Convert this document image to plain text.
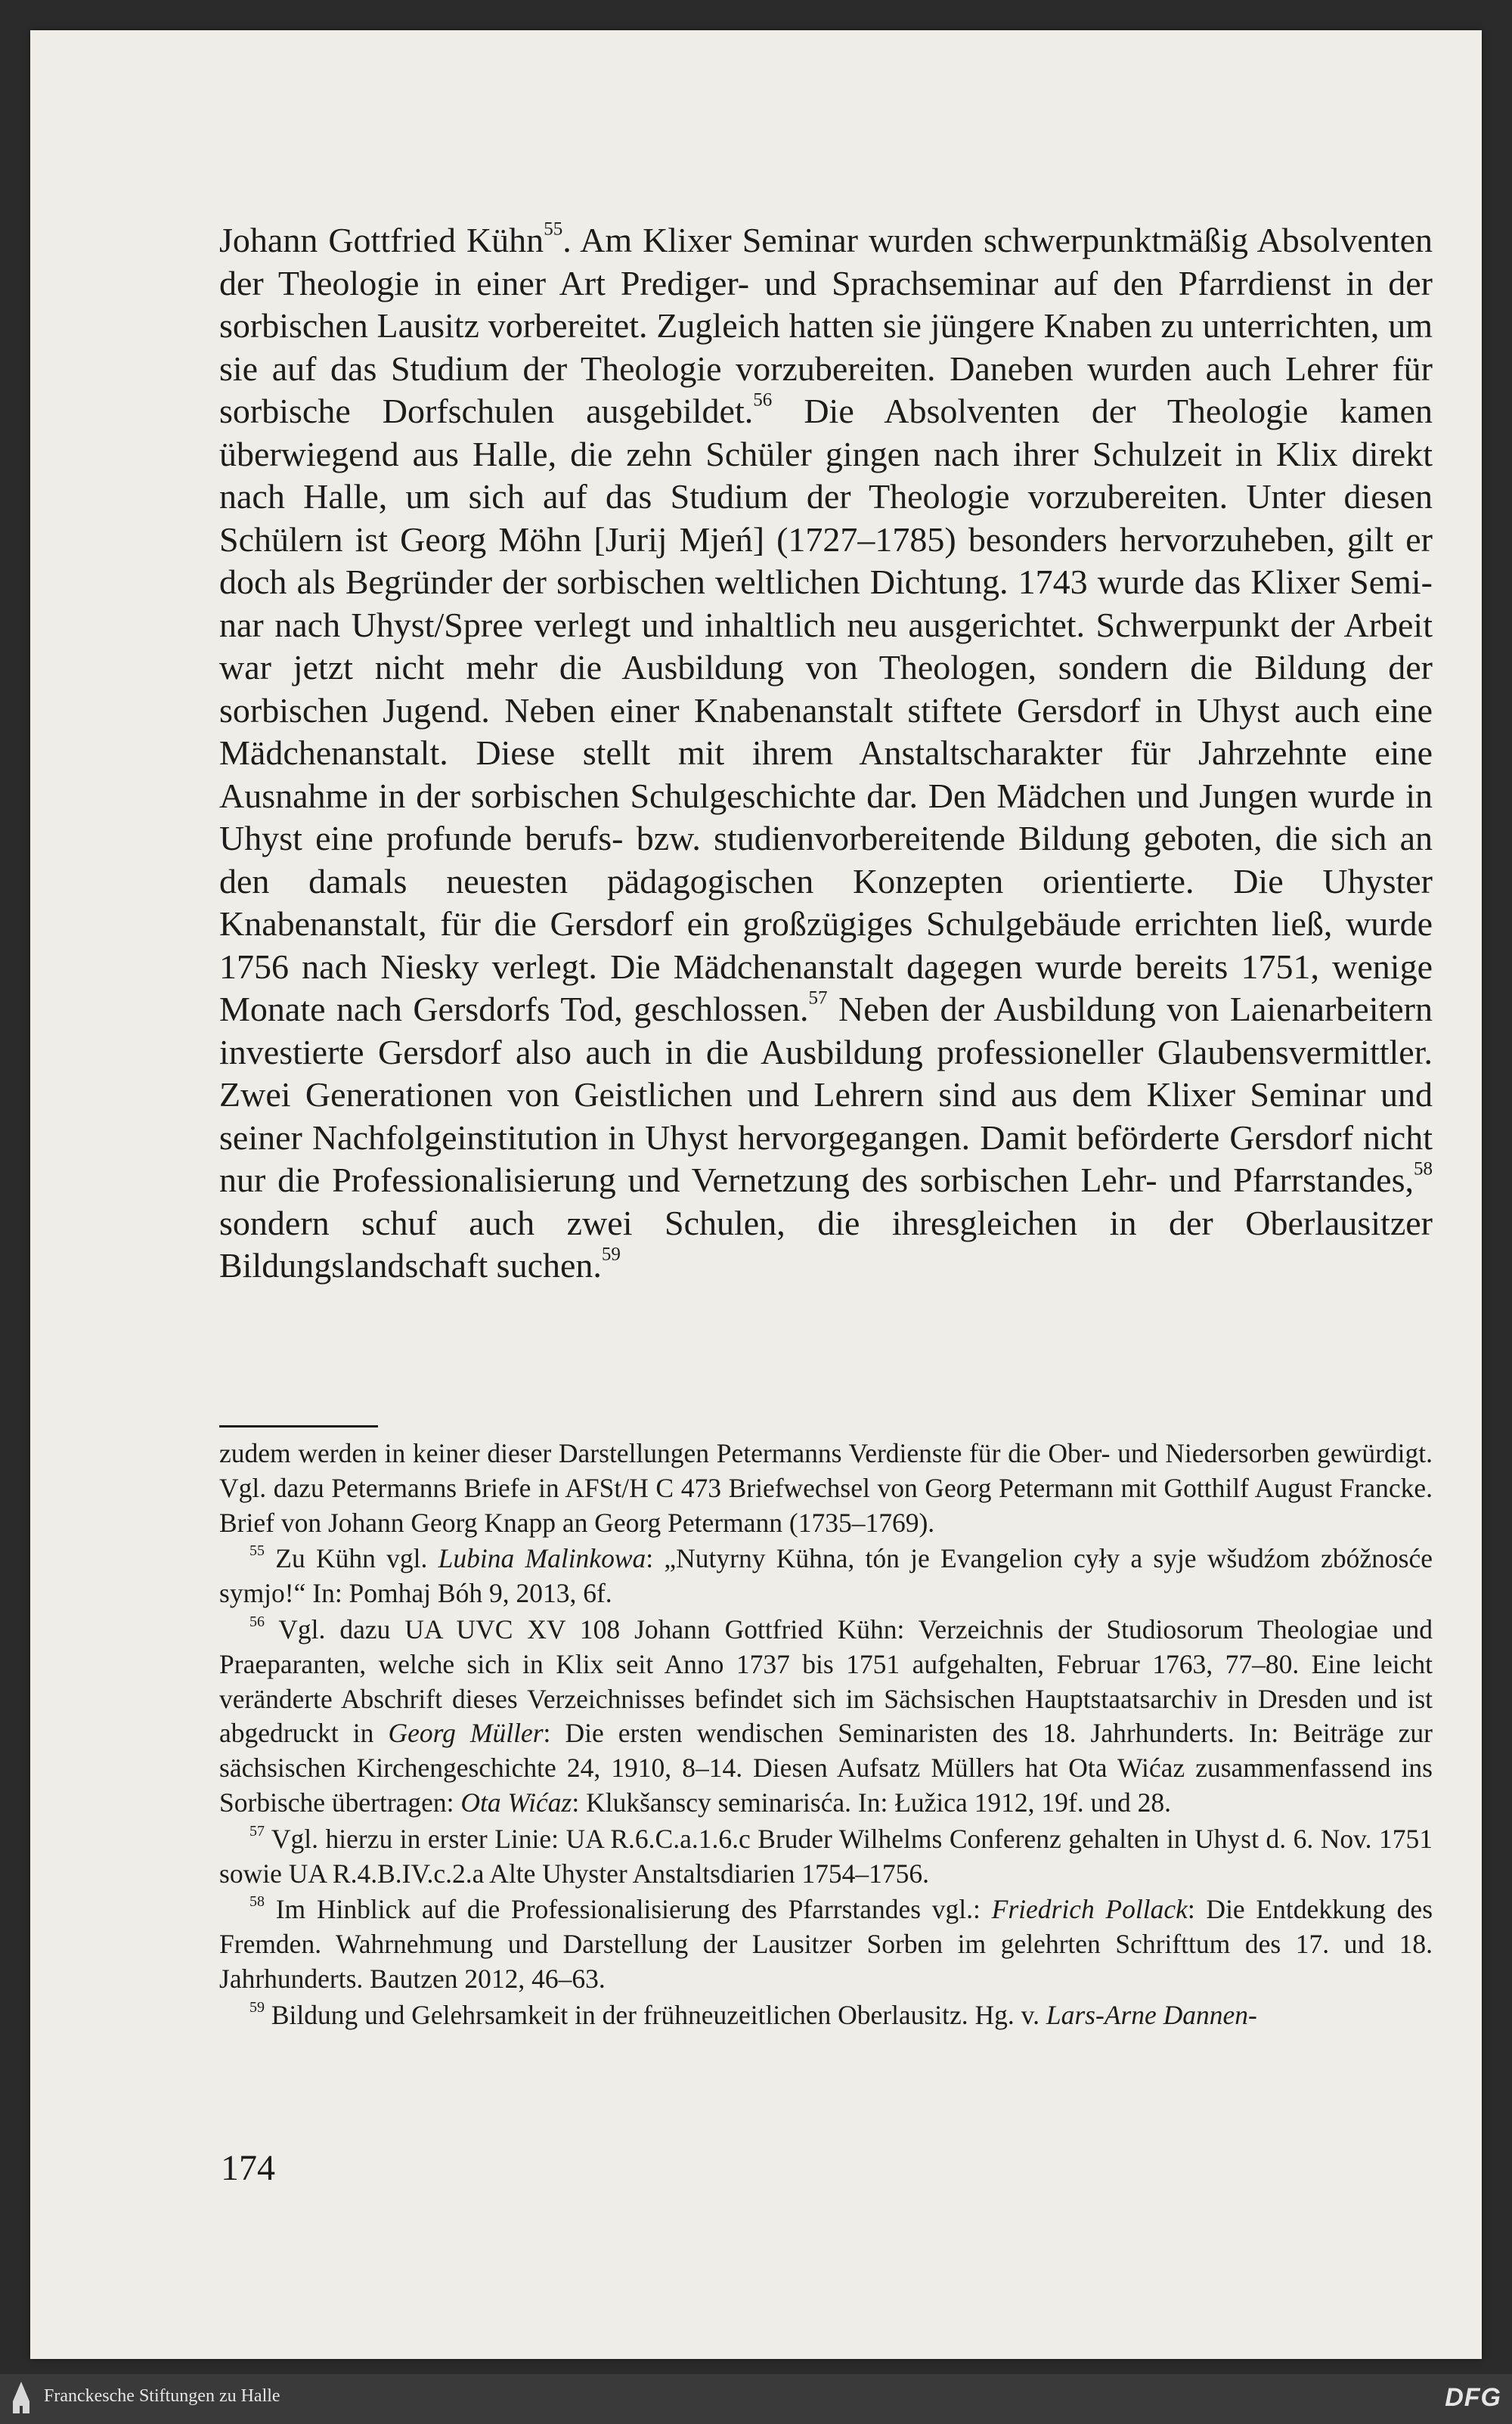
Johann Gottfried Kühn$^{55}$. Am Klixer Seminar wurden schwerpunktmäßig Absolventen der Theologie in einer Art Prediger- und Sprachseminar auf den Pfarrdienst in der sorbischen Lausitz vorbereitet. Zugleich hatten sie jüngere Knaben zu unterrichten, um sie auf das Studium der Theologie vorzubereiten. Daneben wurden auch Lehrer für sorbische Dorfschulen ausgebildet.$^{56}$ Die Absolventen der Theologie kamen überwiegend aus Halle, die zehn Schüler gingen nach ihrer Schulzeit in Klix direkt nach Halle, um sich auf das Studium der Theologie vorzubereiten. Unter diesen Schülern ist Georg Möhn [Jurij Mjeń] (1727–1785) besonders hervorzuheben, gilt er doch als Begründer der sorbischen weltlichen Dichtung. 1743 wurde das Klixer Seminar nach Uhyst/Spree verlegt und inhaltlich neu ausgerichtet. Schwerpunkt der Arbeit war jetzt nicht mehr die Ausbildung von Theologen, sondern die Bildung der sorbischen Jugend. Neben einer Knabenanstalt stiftete Gersdorf in Uhyst auch eine Mädchenanstalt. Diese stellt mit ihrem Anstaltscharakter für Jahrzehnte eine Ausnahme in der sorbischen Schulgeschichte dar. Den Mädchen und Jungen wurde in Uhyst eine profunde berufs- bzw. studienvorbereitende Bildung geboten, die sich an den damals neuesten pädagogischen Konzepten orientierte. Die Uhyster Knabenanstalt, für die Gersdorf ein großzügiges Schulgebäude errichten ließ, wurde 1756 nach Niesky verlegt. Die Mädchenanstalt dagegen wurde bereits 1751, wenige Monate nach Gersdorfs Tod, geschlossen.$^{57}$ Neben der Ausbildung von Laienarbeitern investierte Gersdorf also auch in die Ausbildung professioneller Glaubensvermittler. Zwei Generationen von Geistlichen und Lehrern sind aus dem Klixer Seminar und seiner Nachfolgeinstitution in Uhyst hervorgegangen. Damit beförderte Gersdorf nicht nur die Professionalisierung und Vernetzung des sorbischen Lehr- und Pfarrstandes,$^{58}$ sondern schuf auch zwei Schulen, die ihresgleichen in der Oberlausitzer Bildungslandschaft suchen.$^{59}$

zudem werden in keiner dieser Darstellungen Petermanns Verdienste für die Ober- und Niedersorben gewürdigt. Vgl. dazu Petermanns Briefe in AFSt/H C 473 Briefwechsel von Georg Petermann mit Gotthilf August Francke. Brief von Johann Georg Knapp an Georg Petermann (1735–1769).

$^{55}$ Zu Kühn vgl. Lubina Malinkowa: „Nutyrny Kühna, tón je Evangelion cyły a syje wšudźom zbóžnosće symjo!“ In: Pomhaj Bóh 9, 2013, 6f.

$^{56}$ Vgl. dazu UA UVC XV 108 Johann Gottfried Kühn: Verzeichnis der Studiosorum Theologiae und Praeparanten, welche sich in Klix seit Anno 1737 bis 1751 aufgehalten, Februar 1763, 77–80. Eine leicht veränderte Abschrift dieses Verzeichnisses befindet sich im Sächsischen Hauptstaatsarchiv in Dresden und ist abgedruckt in Georg Müller: Die ersten wendischen Seminaristen des 18. Jahrhunderts. In: Beiträge zur sächsischen Kirchengeschichte 24, 1910, 8–14. Diesen Aufsatz Müllers hat Ota Wićaz zusammenfassend ins Sorbische übertragen: Ota Wićaz: Klukšanscy seminarisća. In: Łužica 1912, 19f. und 28.

$^{57}$ Vgl. hierzu in erster Linie: UA R.6.C.a.1.6.c Bruder Wilhelms Conferenz gehalten in Uhyst d. 6. Nov. 1751 sowie UA R.4.B.IV.c.2.a Alte Uhyster Anstaltsdiarien 1754–1756.

$^{58}$ Im Hinblick auf die Professionalisierung des Pfarrstandes vgl.: Friedrich Pollack: Die Entdekkung des Fremden. Wahrnehmung und Darstellung der Lausitzer Sorben im gelehrten Schrifttum des 17. und 18. Jahrhunderts. Bautzen 2012, 46–63.

$^{59}$ Bildung und Gelehrsamkeit in der frühneuzeitlichen Oberlausitz. Hg. v. Lars-Arne Dannen-

174
Franckesche Stiftungen zu Halle	DFG
